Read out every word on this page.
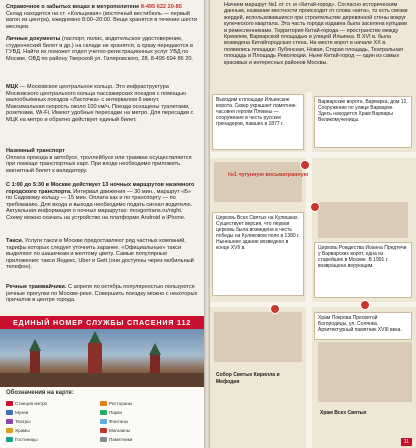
Справочное о забытых вещах в метрополитене 8-495 622 20-85 Склад находится на ст. «Кольцевая» (восточный вестибюль — первый вагон из центра), ежедневно 8:00–20:00. Вещи хранятся в течение шести месяцев.

Личные документы (паспорт, полис, водительское удостоверение, студенческий билет и др.) на складе не хранятся, а сразу передаются в ГУВД. Найти их поможет отдел учетно-регистрационных услуг УВД по Москве, ОВД по району Тверской ул. Гиляровского, 28, 8-495 694 86 20.

МЦК — Московское центральное кольцо. Это инфраструктура Московского центрального кольца пассажирских поездов с помощью малообъёмных поездов «Ласточка» с интервалом 6 минут. Максимальная скорость около 100 км/ч. Поезда оснащены туалетами, розетками, Wi-Fi. Имеют удобные пересадки на метро. Для пересадки с МЦК на метро и обратно действует единый билет.

Наземный транспорт

Оплата проезда в автобусе, троллейбусе или трамвае осуществляется при помощи транспортных карт. При входе необходимо приложить магнитный билет к валидатору.

С 1:00 до 5:30 в Москве действует 13 ночных маршрутов наземного городского транспорта. Интервал движения — 30 мин., маршрут «Б» по Садовому кольцу — 15 мин. Оплата как и по транспорту — по требованию. Для входа и выхода необходимо подать сигнал водителю. Актуальная информация о ночных маршрутах: mosgortrans.ru/night. Схему можно скачать на устройство на платформе Android и iPhone.

Такси. Услуги такси в Москве предоставляют ряд частных компаний, тарифы которых следует уточнять заранее. «Официальные» такси выделяют по шашечкам и желтому цвету. Самые популярные приложения: такси Яндекс, Uber и Gett (они доступны через мобильный телефон).

Речные трамвайчики. С апреля по октябрь популярностью пользуются речные прогулки по Москве-реке. Совершить поездку можно с некоторых причалов в центре города.

ЕДИНЫЙ НОМЕР СЛУЖБЫ СПАСЕНИЯ 112
Обозначения на карте:
Станция метро
Музеи
Театры
Храмы
Гостиницы
Рестораны
Парки
Фонтаны
Магазины
Памятники

Начнем маршрут №1 от ст. м «Китай-город». Согласно историческим данным, название местности происходит от слова «кита», то есть связки жердей, использовавшихся при строительстве деревянной стены вокруг купеческого квартала. Эта часть города издавна была заселена купцами и ремесленниками. Территория Китай-города — пространство между Кремлем, Варварской площадью и улицей Ильинка. В XVI в. была возведена Китайгородская стена. На месте ворот в начале XX в. появились площади: Лубянская, Новая, Старая площадь, Театральная площадь и Площадь Революции. Ныне Китай-город — один из самых красивых и интересных районов Москвы.

Выходим к площади Ильинские ворота. Сквер украшает памятник-часовня героям Плевны — сооружение в честь русских гренадеров, павших в 1877 г.
№1 чугунную восьмигранную
Варварские ворота, Варварка, дом 12. Сооружение по улице Варварке. Здесь находится Храм Варвары Великомученицы.
Церковь Всех Святых на Кулишках. Существует версия, что первая церковь была возведена в честь победы на Куликовом поле в 1380 г. Нынешнее здание возведено в конце XVII в.	Церковь Рождества Иоанна Предтечи у Варварских ворот, одна из старейших в Москве. В 1991 г. возвращена верующим.
Храм Покрова Пресвятой Богородицы, ул. Солянка. Архитектурный памятник XVIII века.
Собор Святых Кирилла и Мефодия
Храм Всех Святых
11
